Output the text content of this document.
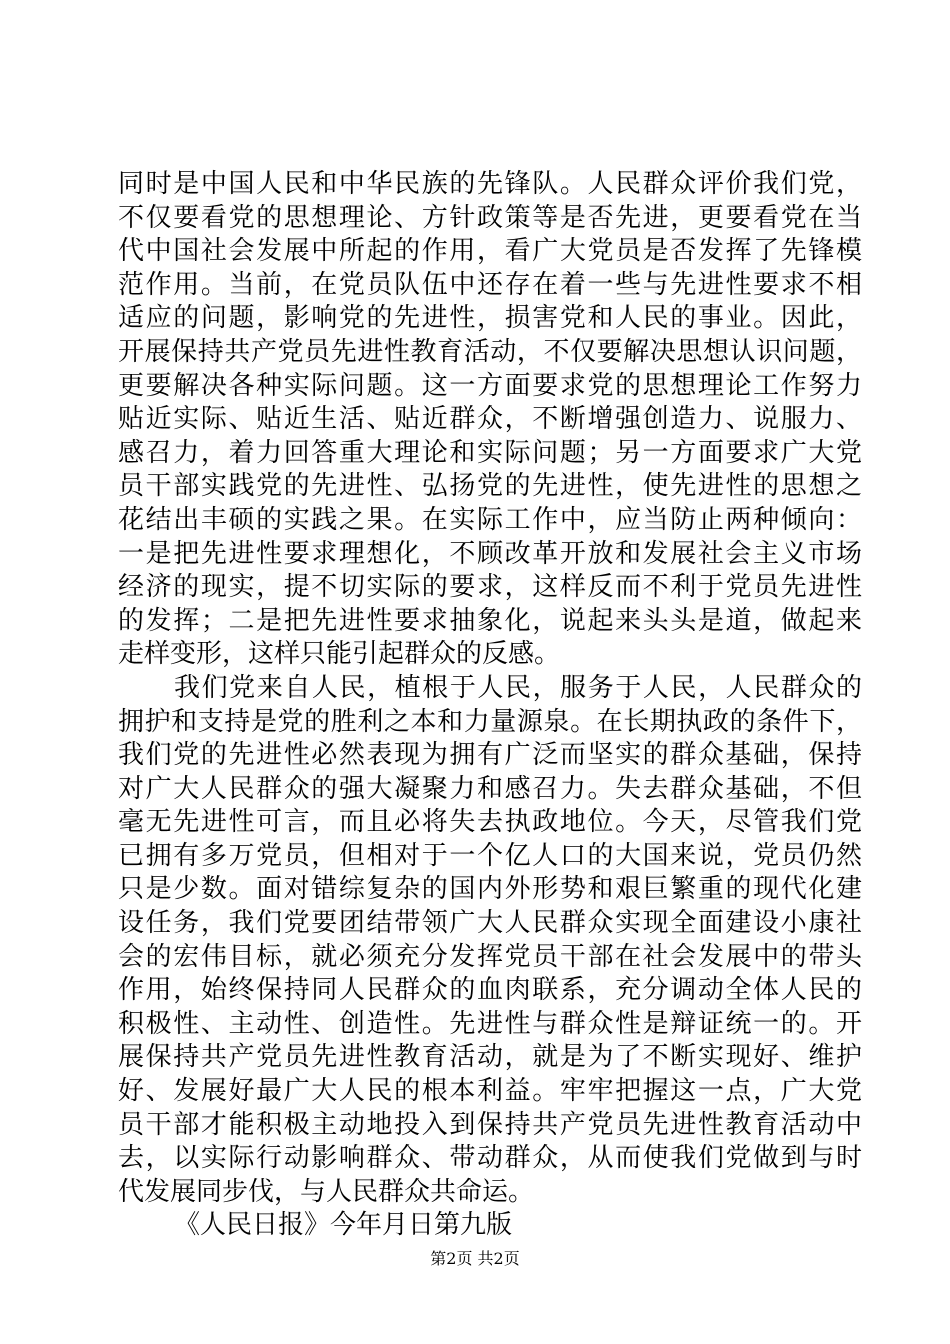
同时是中国人民和中华民族的先锋队。人民群众评价我们党，
不仅要看党的思想理论、方针政策等是否先进，更要看党在当
代中国社会发展中所起的作用，看广大党员是否发挥了先锋模
范作用。当前，在党员队伍中还存在着一些与先进性要求不相
适应的问题，影响党的先进性，损害党和人民的事业。因此，
开展保持共产党员先进性教育活动，不仅要解决思想认识问题，
更要解决各种实际问题。这一方面要求党的思想理论工作努力
贴近实际、贴近生活、贴近群众，不断增强创造力、说服力、
感召力，着力回答重大理论和实际问题；另一方面要求广大党
员干部实践党的先进性、弘扬党的先进性，使先进性的思想之
花结出丰硕的实践之果。在实际工作中，应当防止两种倾向：
一是把先进性要求理想化，不顾改革开放和发展社会主义市场
经济的现实，提不切实际的要求，这样反而不利于党员先进性
的发挥；二是把先进性要求抽象化，说起来头头是道，做起来
走样变形，这样只能引起群众的反感。
我们党来自人民，植根于人民，服务于人民，人民群众的
拥护和支持是党的胜利之本和力量源泉。在长期执政的条件下，
我们党的先进性必然表现为拥有广泛而坚实的群众基础，保持
对广大人民群众的强大凝聚力和感召力。失去群众基础，不但
毫无先进性可言，而且必将失去执政地位。今天，尽管我们党
已拥有多万党员，但相对于一个亿人口的大国来说，党员仍然
只是少数。面对错综复杂的国内外形势和艰巨繁重的现代化建
设任务，我们党要团结带领广大人民群众实现全面建设小康社
会的宏伟目标，就必须充分发挥党员干部在社会发展中的带头
作用，始终保持同人民群众的血肉联系，充分调动全体人民的
积极性、主动性、创造性。先进性与群众性是辩证统一的。开
展保持共产党员先进性教育活动，就是为了不断实现好、维护
好、发展好最广大人民的根本利益。牢牢把握这一点，广大党
员干部才能积极主动地投入到保持共产党员先进性教育活动中
去，以实际行动影响群众、带动群众，从而使我们党做到与时
代发展同步伐，与人民群众共命运。
《人民日报》今年月日第九版
第2页 共2页
